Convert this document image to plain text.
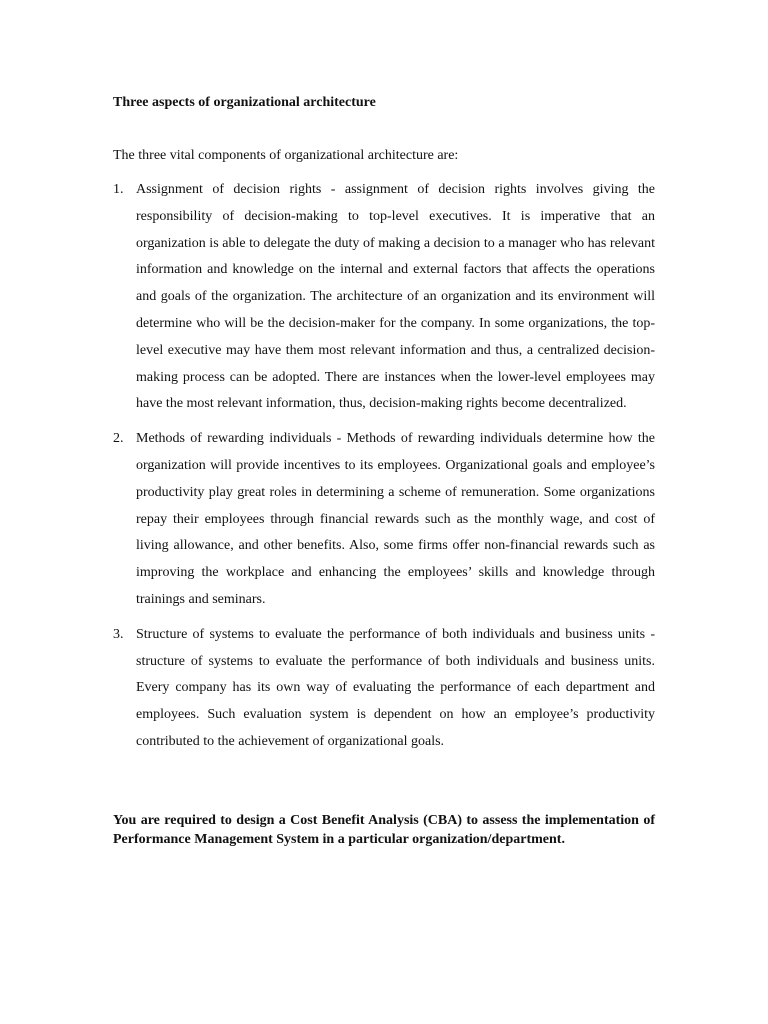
Three aspects of organizational architecture

The three vital components of organizational architecture are:

1. Assignment of decision rights - assignment of decision rights involves giving the responsibility of decision-making to top-level executives. It is imperative that an organization is able to delegate the duty of making a decision to a manager who has relevant information and knowledge on the internal and external factors that affects the operations and goals of the organization. The architecture of an organization and its environment will determine who will be the decision-maker for the company. In some organizations, the top-level executive may have them most relevant information and thus, a centralized decision-making process can be adopted. There are instances when the lower-level employees may have the most relevant information, thus, decision-making rights become decentralized.
2. Methods of rewarding individuals - Methods of rewarding individuals determine how the organization will provide incentives to its employees. Organizational goals and employee’s productivity play great roles in determining a scheme of remuneration. Some organizations repay their employees through financial rewards such as the monthly wage, and cost of living allowance, and other benefits. Also, some firms offer non-financial rewards such as improving the workplace and enhancing the employees’ skills and knowledge through trainings and seminars.
3. Structure of systems to evaluate the performance of both individuals and business units - structure of systems to evaluate the performance of both individuals and business units. Every company has its own way of evaluating the performance of each department and employees. Such evaluation system is dependent on how an employee’s productivity contributed to the achievement of organizational goals.

You are required to design a Cost Benefit Analysis (CBA) to assess the implementation of Performance Management System in a particular organization/department.
